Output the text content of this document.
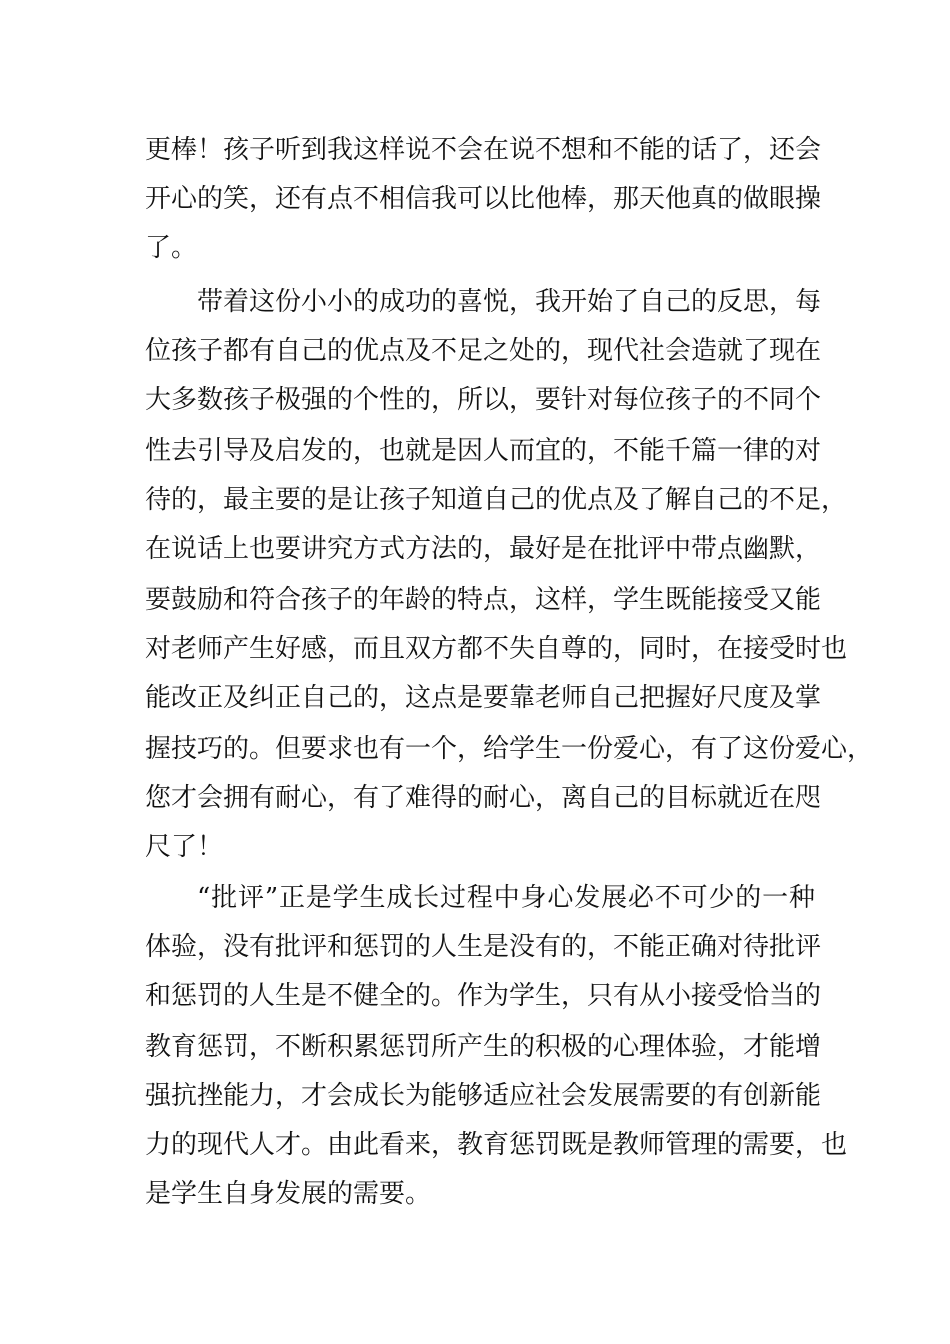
更棒！孩子听到我这样说不会在说不想和不能的话了，还会
开心的笑，还有点不相信我可以比他棒，那天他真的做眼操
了。
带着这份小小的成功的喜悦，我开始了自己的反思，每
位孩子都有自己的优点及不足之处的，现代社会造就了现在
大多数孩子极强的个性的，所以，要针对每位孩子的不同个
性去引导及启发的，也就是因人而宜的，不能千篇一律的对
待的，最主要的是让孩子知道自己的优点及了解自己的不足，
在说话上也要讲究方式方法的，最好是在批评中带点幽默，
要鼓励和符合孩子的年龄的特点，这样，学生既能接受又能
对老师产生好感，而且双方都不失自尊的，同时，在接受时也
能改正及纠正自己的，这点是要靠老师自己把握好尺度及掌
握技巧的。但要求也有一个，给学生一份爱心，有了这份爱心，
您才会拥有耐心，有了难得的耐心，离自己的目标就近在咫
尺了！
“批评”正是学生成长过程中身心发展必不可少的一种
体验，没有批评和惩罚的人生是没有的，不能正确对待批评
和惩罚的人生是不健全的。作为学生，只有从小接受恰当的
教育惩罚，不断积累惩罚所产生的积极的心理体验，才能增
强抗挫能力，才会成长为能够适应社会发展需要的有创新能
力的现代人才。由此看来，教育惩罚既是教师管理的需要，也
是学生自身发展的需要。
